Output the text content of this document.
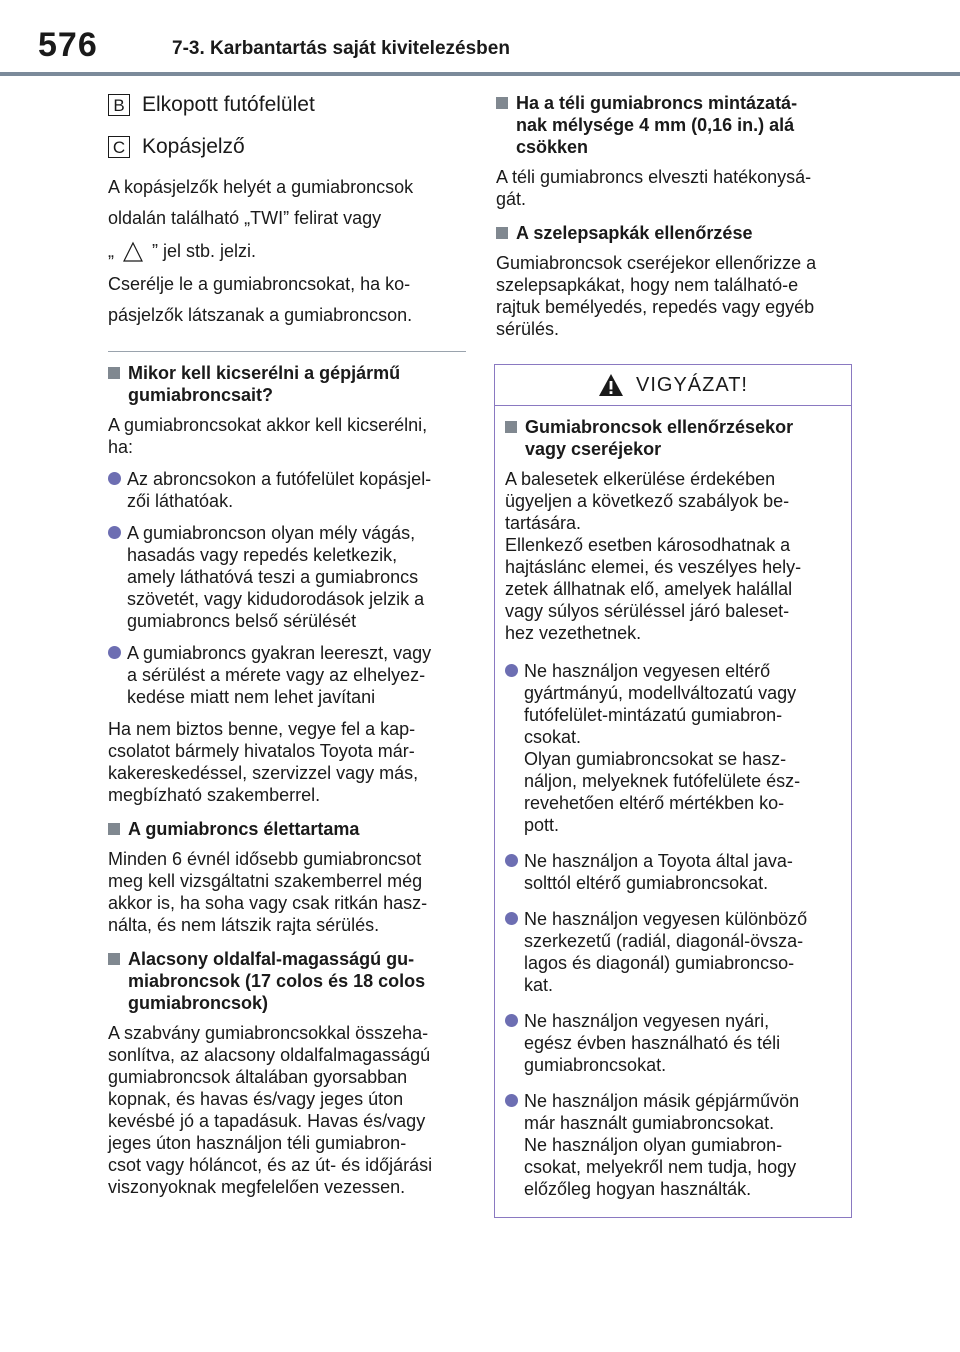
576	7-3. Karbantartás saját kivitelezésben
B Elkopott futófelület
C Kopásjelző
A kopásjelzők helyét a gumiabroncsok
oldalán található „TWI” felirat vagy
„ ” jel stb. jelzi.
Cserélje le a gumiabroncsokat, ha ko-
pásjelzők látszanak a gumiabroncson.
Mikor kell kicserélni a gépjármű
gumiabroncsait?

A gumiabroncsokat akkor kell kicserélni,
ha:

Az abroncsokon a futófelület kopásjel-
zői láthatóak.

A gumiabroncson olyan mély vágás,
hasadás vagy repedés keletkezik,
amely láthatóvá teszi a gumiabroncs
szövetét, vagy kidudorodások jelzik a
gumiabroncs belső sérülését

A gumiabroncs gyakran leereszt, vagy
a sérülést a mérete vagy az elhelyez-
kedése miatt nem lehet javítani

Ha nem biztos benne, vegye fel a kap-
csolatot bármely hivatalos Toyota már-
kakereskedéssel, szervizzel vagy más,
megbízható szakemberrel.

A gumiabroncs élettartama

Minden 6 évnél idősebb gumiabroncsot
meg kell vizsgáltatni szakemberrel még
akkor is, ha soha vagy csak ritkán hasz-
nálta, és nem látszik rajta sérülés.

Alacsony oldalfal-magasságú gu-
miabroncsok (17 colos és 18 colos
gumiabroncsok)

A szabvány gumiabroncsokkal összeha-
sonlítva, az alacsony oldalfalmagasságú
gumiabroncsok általában gyorsabban
kopnak, és havas és/vagy jeges úton
kevésbé jó a tapadásuk. Havas és/vagy
jeges úton használjon téli gumiabron-
csot vagy hóláncot, és az út- és időjárási
viszonyoknak megfelelően vezessen.

Ha a téli gumiabroncs mintázatá-
nak mélysége 4 mm (0,16 in.) alá
csökken

A téli gumiabroncs elveszti hatékonysá-
gát.

A szelepsapkák ellenőrzése

Gumiabroncsok cseréjekor ellenőrizze a
szelepsapkákat, hogy nem található-e
rajtuk bemélyedés, repedés vagy egyéb
sérülés.

VIGYÁZAT!
Gumiabroncsok ellenőrzésekor
vagy cseréjekor

A balesetek elkerülése érdekében
ügyeljen a következő szabályok be-
tartására.
Ellenkező esetben károsodhatnak a
hajtáslánc elemei, és veszélyes hely-
zetek állhatnak elő, amelyek halállal
vagy súlyos sérüléssel járó baleset-
hez vezethetnek.

Ne használjon vegyesen eltérő
gyártmányú, modellváltozatú vagy
futófelület-mintázatú gumiabron-
csokat.
Olyan gumiabroncsokat se hasz-
náljon, melyeknek futófelülete ész-
revehetően eltérő mértékben ko-
pott.

Ne használjon a Toyota által java-
solttól eltérő gumiabroncsokat.

Ne használjon vegyesen különböző
szerkezetű (radiál, diagonál-övsza-
lagos és diagonál) gumiabroncso-
kat.

Ne használjon vegyesen nyári,
egész évben használható és téli
gumiabroncsokat.

Ne használjon másik gépjárművön
már használt gumiabroncsokat.
Ne használjon olyan gumiabron-
csokat, melyekről nem tudja, hogy
előzőleg hogyan használták.
